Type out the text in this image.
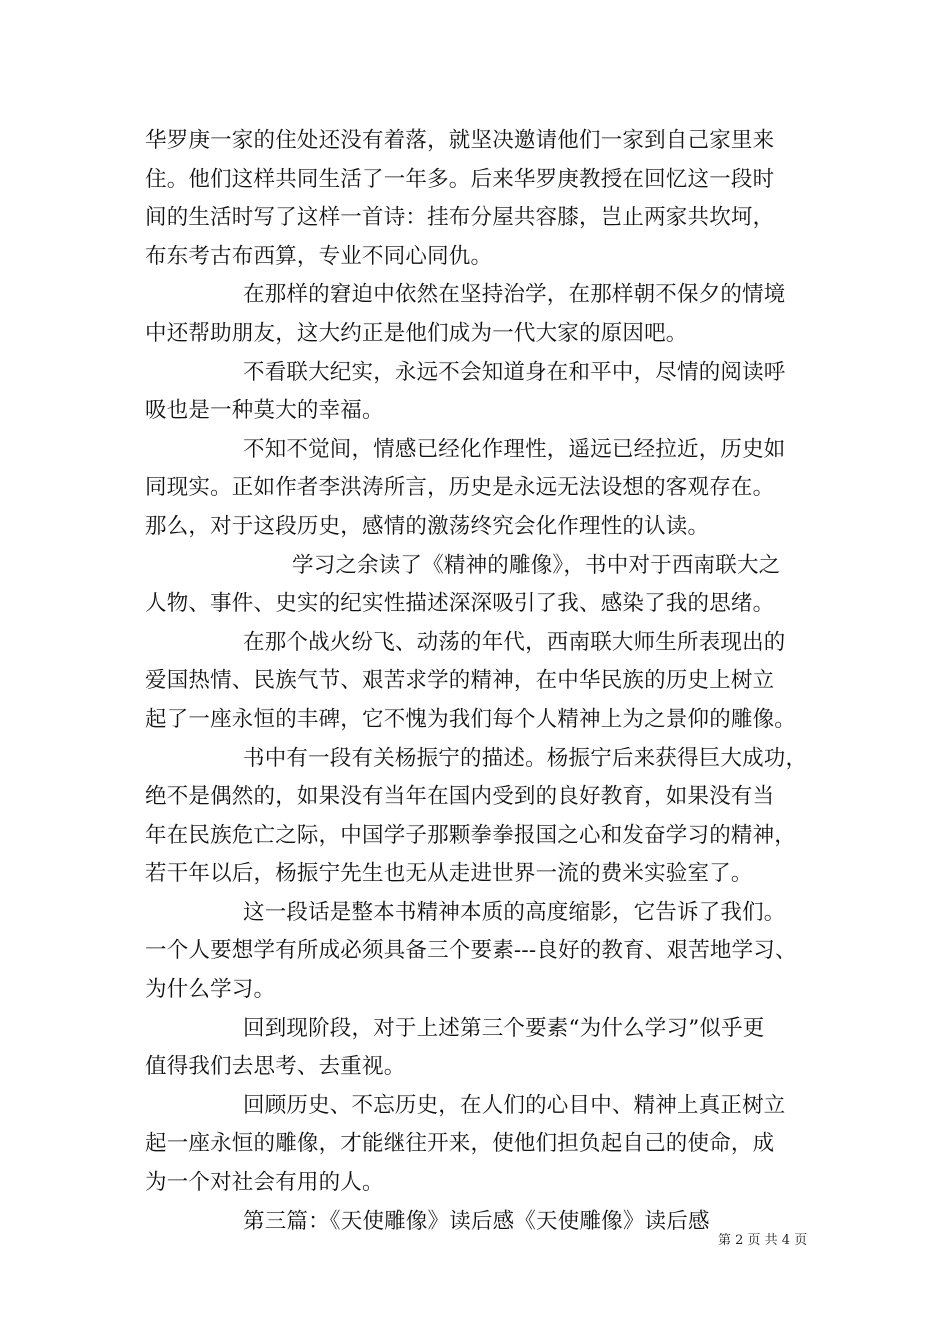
华罗庚一家的住处还没有着落，就坚决邀请他们一家到自己家里来
住。他们这样共同生活了一年多。后来华罗庚教授在回忆这一段时
间的生活时写了这样一首诗：挂布分屋共容膝，岂止两家共坎坷，
布东考古布西算，专业不同心同仇。
在那样的窘迫中依然在坚持治学，在那样朝不保夕的情境
中还帮助朋友，这大约正是他们成为一代大家的原因吧。
不看联大纪实，永远不会知道身在和平中，尽情的阅读呼
吸也是一种莫大的幸福。
不知不觉间，情感已经化作理性，遥远已经拉近，历史如
同现实。正如作者李洪涛所言，历史是永远无法设想的客观存在。
那么，对于这段历史，感情的激荡终究会化作理性的认读。
学习之余读了《精神的雕像》，书中对于西南联大之
人物、事件、史实的纪实性描述深深吸引了我、感染了我的思绪。
在那个战火纷飞、动荡的年代，西南联大师生所表现出的
爱国热情、民族气节、艰苦求学的精神，在中华民族的历史上树立
起了一座永恒的丰碑，它不愧为我们每个人精神上为之景仰的雕像。
书中有一段有关杨振宁的描述。杨振宁后来获得巨大成功，
绝不是偶然的，如果没有当年在国内受到的良好教育，如果没有当
年在民族危亡之际，中国学子那颗拳拳报国之心和发奋学习的精神，
若干年以后，杨振宁先生也无从走进世界一流的费米实验室了。
这一段话是整本书精神本质的高度缩影，它告诉了我们。
一个人要想学有所成必须具备三个要素---良好的教育、艰苦地学习、
为什么学习。
回到现阶段，对于上述第三个要素“为什么学习”似乎更
值得我们去思考、去重视。
回顾历史、不忘历史，在人们的心目中、精神上真正树立
起一座永恒的雕像，才能继往开来，使他们担负起自己的使命，成
为一个对社会有用的人。
第三篇：《天使雕像》读后感《天使雕像》读后感
第 2 页 共 4 页
